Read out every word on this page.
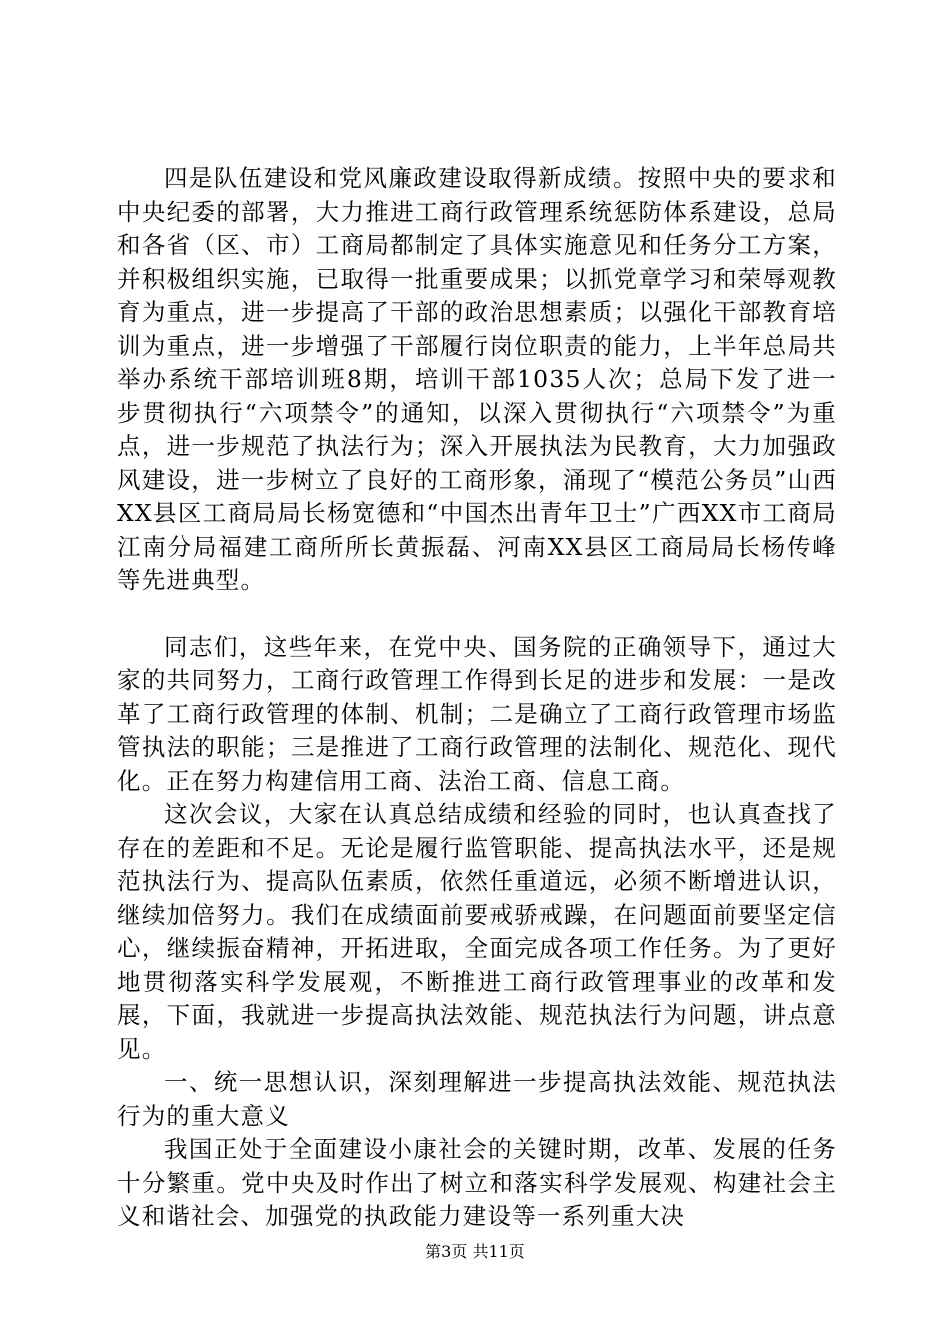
四是队伍建设和党风廉政建设取得新成绩。按照中央的要求和中央纪委的部署，大力推进工商行政管理系统惩防体系建设，总局和各省（区、市）工商局都制定了具体实施意见和任务分工方案，并积极组织实施，已取得一批重要成果；以抓党章学习和荣辱观教育为重点，进一步提高了干部的政治思想素质；以强化干部教育培训为重点，进一步增强了干部履行岗位职责的能力，上半年总局共举办系统干部培训班8期，培训干部1035人次；总局下发了进一步贯彻执行“六项禁令”的通知，以深入贯彻执行“六项禁令”为重点，进一步规范了执法行为；深入开展执法为民教育，大力加强政风建设，进一步树立了良好的工商形象，涌现了“模范公务员”山西XX县区工商局局长杨宽德和“中国杰出青年卫士”广西XX市工商局江南分局福建工商所所长黄振磊、河南XX县区工商局局长杨传峰等先进典型。

同志们，这些年来，在党中央、国务院的正确领导下，通过大家的共同努力，工商行政管理工作得到长足的进步和发展：一是改革了工商行政管理的体制、机制；二是确立了工商行政管理市场监管执法的职能；三是推进了工商行政管理的法制化、规范化、现代化。正在努力构建信用工商、法治工商、信息工商。

这次会议，大家在认真总结成绩和经验的同时，也认真查找了存在的差距和不足。无论是履行监管职能、提高执法水平，还是规范执法行为、提高队伍素质，依然任重道远，必须不断增进认识，继续加倍努力。我们在成绩面前要戒骄戒躁，在问题面前要坚定信心，继续振奋精神，开拓进取，全面完成各项工作任务。为了更好地贯彻落实科学发展观，不断推进工商行政管理事业的改革和发展，下面，我就进一步提高执法效能、规范执法行为问题，讲点意见。

一、统一思想认识，深刻理解进一步提高执法效能、规范执法行为的重大意义

我国正处于全面建设小康社会的关键时期，改革、发展的任务十分繁重。党中央及时作出了树立和落实科学发展观、构建社会主义和谐社会、加强党的执政能力建设等一系列重大决

第3页 共11页
